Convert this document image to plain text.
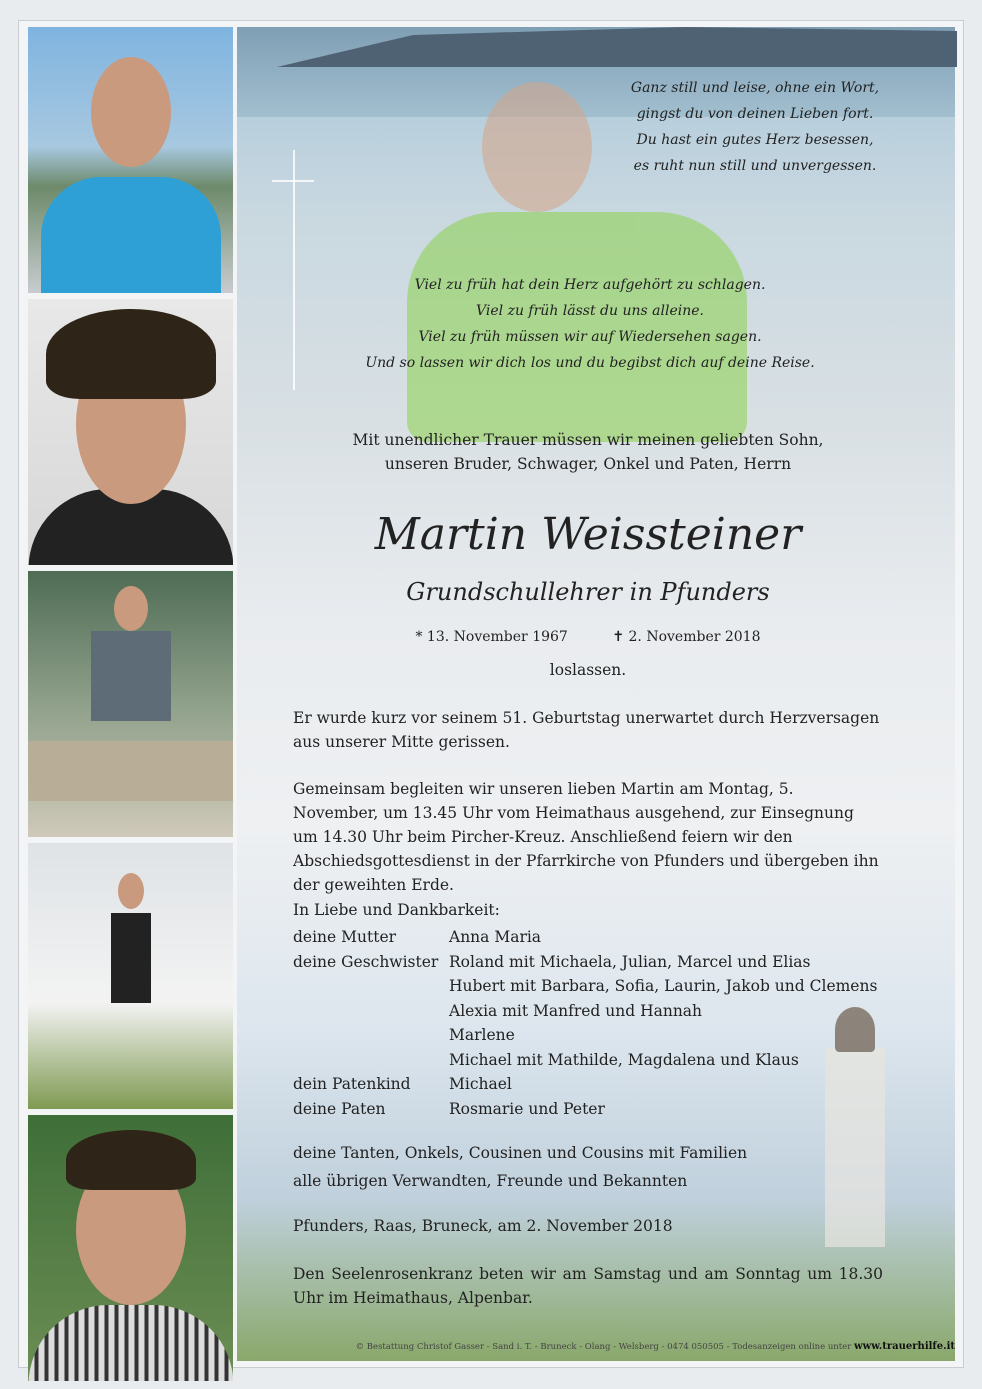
Ganz still und leise, ohne ein Wort,
gingst du von deinen Lieben fort.
Du hast ein gutes Herz besessen,
es ruht nun still und unvergessen.
Viel zu früh hat dein Herz aufgehört zu schlagen.
Viel zu früh lässt du uns alleine.
Viel zu früh müssen wir auf Wiedersehen sagen.
Und so lassen wir dich los und du begibst dich auf deine Reise.
Mit unendlicher Trauer müssen wir meinen geliebten Sohn,
unseren Bruder, Schwager, Onkel und Paten, Herrn
Martin Weissteiner
Grundschullehrer in Pfunders
* 13. November 1967	✝ 2. November 2018
loslassen.
Er wurde kurz vor seinem 51. Geburtstag unerwartet durch Herzversagen aus unserer Mitte gerissen.
Gemeinsam begleiten wir unseren lieben Martin am Montag, 5. November, um 13.45 Uhr vom Heimathaus ausgehend, zur Einsegnung um 14.30 Uhr beim Pircher-Kreuz. Anschließend feiern wir den Abschiedsgottesdienst in der Pfarrkirche von Pfunders und übergeben ihn der geweihten Erde.
In Liebe und Dankbarkeit:
deine Mutter	Anna Maria
deine Geschwister Roland mit Michaela, Julian, Marcel und Elias

Hubert mit Barbara, Sofia, Laurin, Jakob und Clemens

Alexia mit Manfred und Hannah

Marlene

Michael mit Mathilde, Magdalena und Klaus
dein Patenkind	Michael
deine Paten	Rosmarie und Peter
deine Tanten, Onkels, Cousinen und Cousins mit Familien
alle übrigen Verwandten, Freunde und Bekannten
Pfunders, Raas, Bruneck, am 2. November 2018
Den Seelenrosenkranz beten wir am Samstag und am Sonntag um 18.30 Uhr im Heimathaus, Alpenbar.
© Bestattung Christof Gasser - Sand i. T. - Bruneck - Olang - Welsberg - 0474 050505 - Todesanzeigen online unter www.trauerhilfe.it
